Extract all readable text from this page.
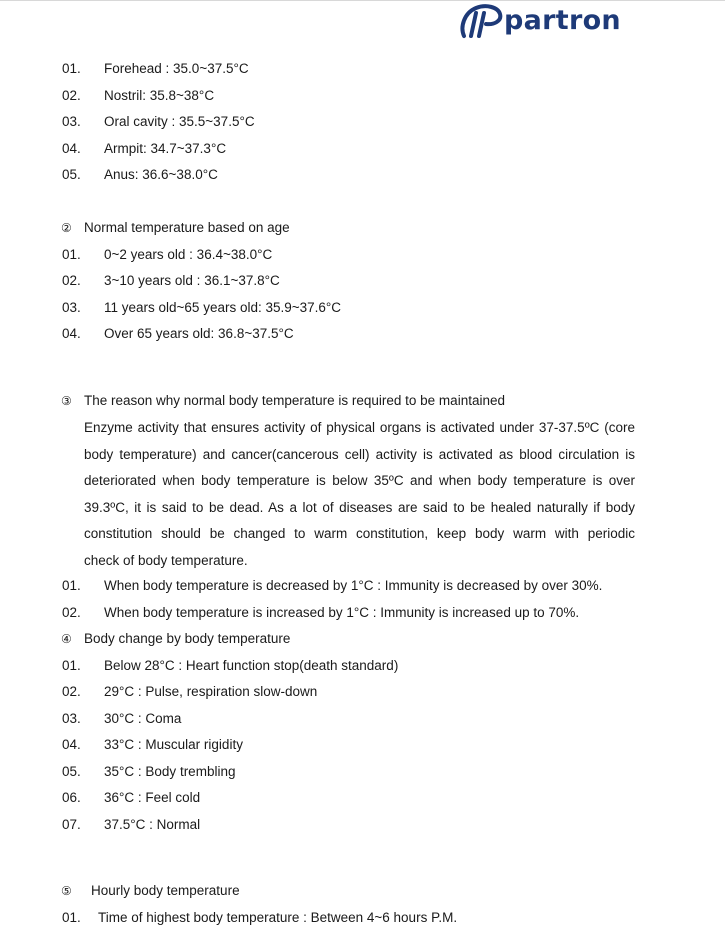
partron
01. Forehead : 35.0~37.5°C
02. Nostril: 35.8~38°C
03. Oral cavity : 35.5~37.5°C
04. Armpit: 34.7~37.3°C
05. Anus: 36.6~38.0°C
② Normal temperature based on age
01. 0~2 years old : 36.4~38.0°C
02. 3~10 years old : 36.1~37.8°C
03. 11 years old~65 years old: 35.9~37.6°C
04. Over 65 years old: 36.8~37.5°C
③ The reason why normal body temperature is required to be maintained
Enzyme activity that ensures activity of physical organs is activated under 37-37.5ºC (core
body temperature) and cancer(cancerous cell) activity is activated as blood circulation is
deteriorated when body temperature is below 35ºC and when body temperature is over
39.3ºC, it is said to be dead. As a lot of diseases are said to be healed naturally if body
constitution should be changed to warm constitution, keep body warm with periodic
check of body temperature.
01. When body temperature is decreased by 1°C : Immunity is decreased by over 30%.
02. When body temperature is increased by 1°C : Immunity is increased up to 70%.
④ Body change by body temperature
01. Below 28°C : Heart function stop(death standard)
02. 29°C : Pulse, respiration slow-down
03. 30°C : Coma
04. 33°C : Muscular rigidity
05. 35°C : Body trembling
06. 36°C : Feel cold
07. 37.5°C : Normal
⑤ Hourly body temperature
01. Time of highest body temperature : Between 4~6 hours P.M.
